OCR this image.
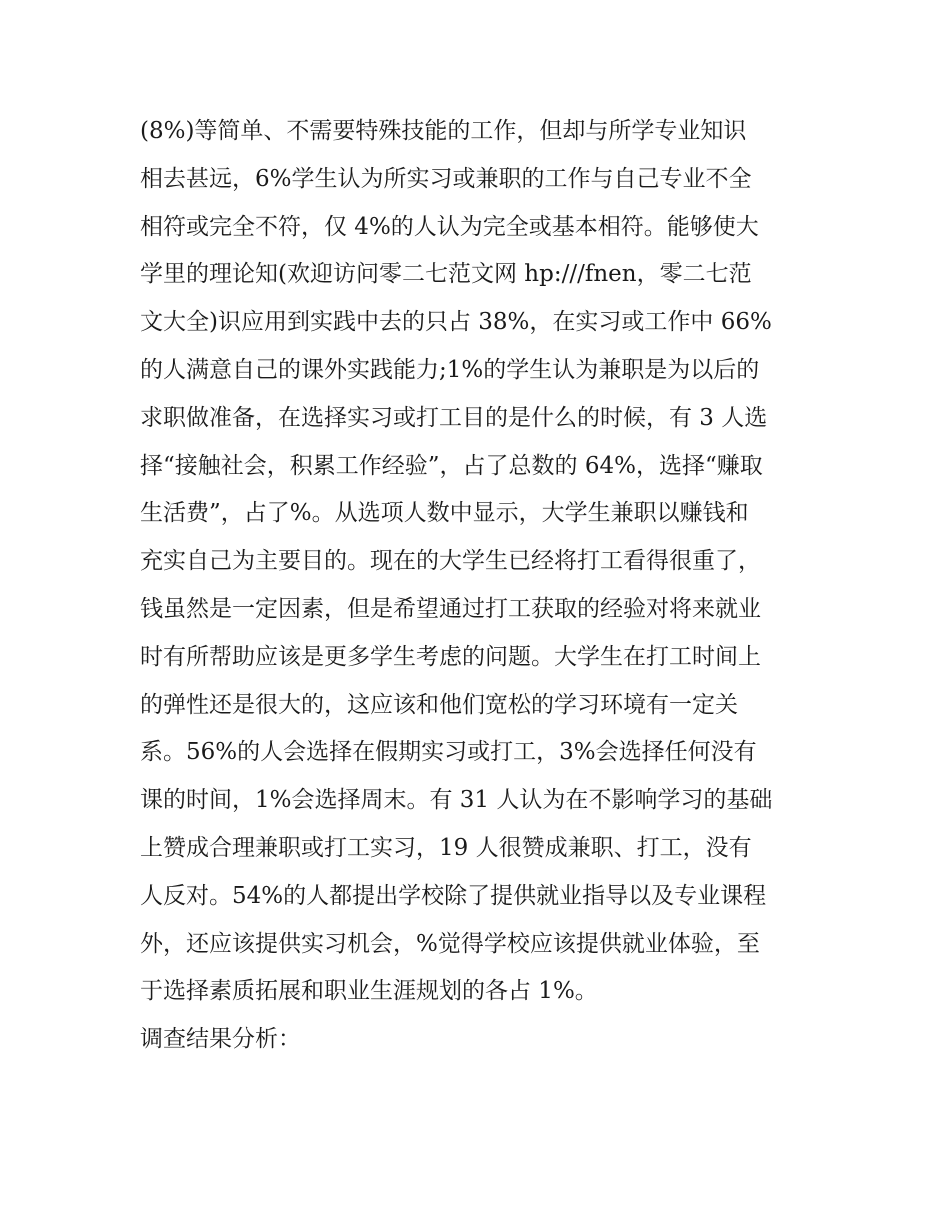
(8%)等简单、不需要特殊技能的工作，但却与所学专业知识
相去甚远，6%学生认为所实习或兼职的工作与自己专业不全
相符或完全不符，仅 4%的人认为完全或基本相符。能够使大
学里的理论知(欢迎访问零二七范文网 hp:///fnen，零二七范
文大全)识应用到实践中去的只占 38%，在实习或工作中 66%
的人满意自己的课外实践能力;1%的学生认为兼职是为以后的
求职做准备，在选择实习或打工目的是什么的时候，有 3 人选
择“接触社会，积累工作经验”，占了总数的 64%，选择“赚取
生活费”，占了%。从选项人数中显示，大学生兼职以赚钱和
充实自己为主要目的。现在的大学生已经将打工看得很重了，
钱虽然是一定因素，但是希望通过打工获取的经验对将来就业
时有所帮助应该是更多学生考虑的问题。大学生在打工时间上
的弹性还是很大的，这应该和他们宽松的学习环境有一定关
系。56%的人会选择在假期实习或打工，3%会选择任何没有
课的时间，1%会选择周末。有 31 人认为在不影响学习的基础
上赞成合理兼职或打工实习，19 人很赞成兼职、打工，没有
人反对。54%的人都提出学校除了提供就业指导以及专业课程
外，还应该提供实习机会，%觉得学校应该提供就业体验，至
于选择素质拓展和职业生涯规划的各占 1%。
调查结果分析：
